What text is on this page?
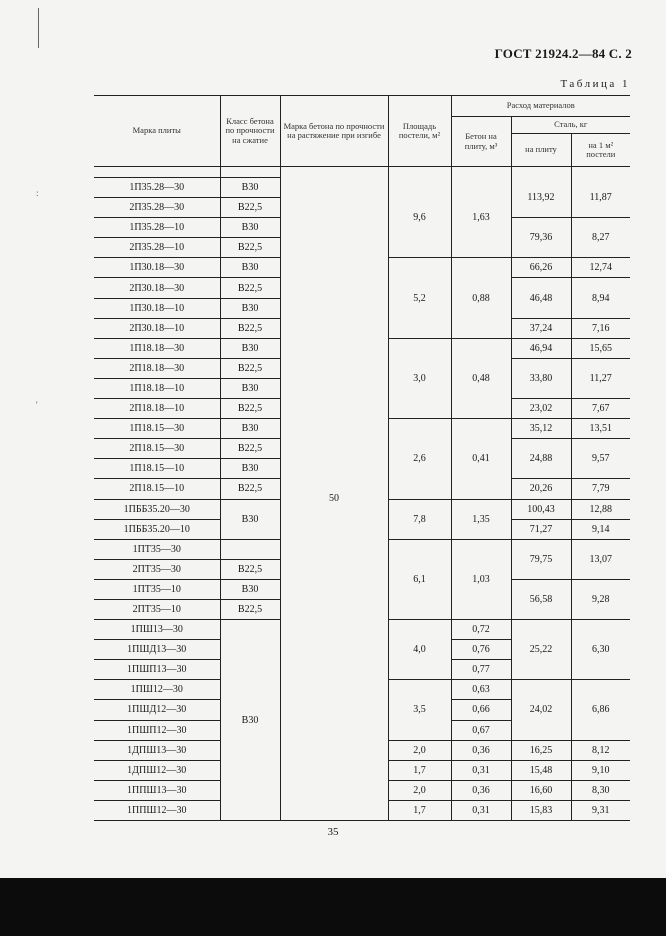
:
'
ГОСТ 21924.2—84 С. 2
Таблица 1
Марка плиты	Класс бетона по прочности на сжатие	Марка бетона по прочности на растяжение при изгибе	Площадь постели, м²	Расход материалов		
				Бетон на плиту, м³	Сталь, кг	
					на плиту	на 1 м² постели

1П35.28—30	В30	50	9,6	1,63	113,92	11,87
2П35.28—30	В22,5					
1П35.28—10	В30				79,36	8,27
2П35.28—10	В22,5					
1П30.18—30	В30		5,2	0,88	66,26	12,74
2П30.18—30	В22,5				46,48	8,94
1П30.18—10	В30					
2П30.18—10	В22,5				37,24	7,16
1П18.18—30	В30		3,0	0,48	46,94	15,65
2П18.18—30	В22,5				33,80	11,27
1П18.18—10	В30					
2П18.18—10	В22,5				23,02	7,67
1П18.15—30	В30		2,6	0,41	35,12	13,51
2П18.15—30	В22,5				24,88	9,57
1П18.15—10	В30					
2П18.15—10	В22,5				20,26	7,79
1ПББ35.20—30	В30		7,8	1,35	100,43	12,88
1ПББ35.20—10					71,27	9,14
1ПТ35—30			6,1	1,03	79,75	13,07
2ПТ35—30	В22,5					
1ПТ35—10	В30				56,58	9,28
2ПТ35—10	В22,5					
1ПШ13—30	В30		4,0	0,72	25,22	6,30
1ПШД13—30				0,76		
1ПШП13—30				0,77		
1ПШ12—30			3,5	0,63	24,02	6,86
1ПШД12—30				0,66		
1ПШП12—30				0,67		
1ДПШ13—30			2,0	0,36	16,25	8,12
1ДПШ12—30			1,7	0,31	15,48	9,10
1ППШ13—30			2,0	0,36	16,60	8,30
1ППШ12—30			1,7	0,31	15,83	9,31
35
